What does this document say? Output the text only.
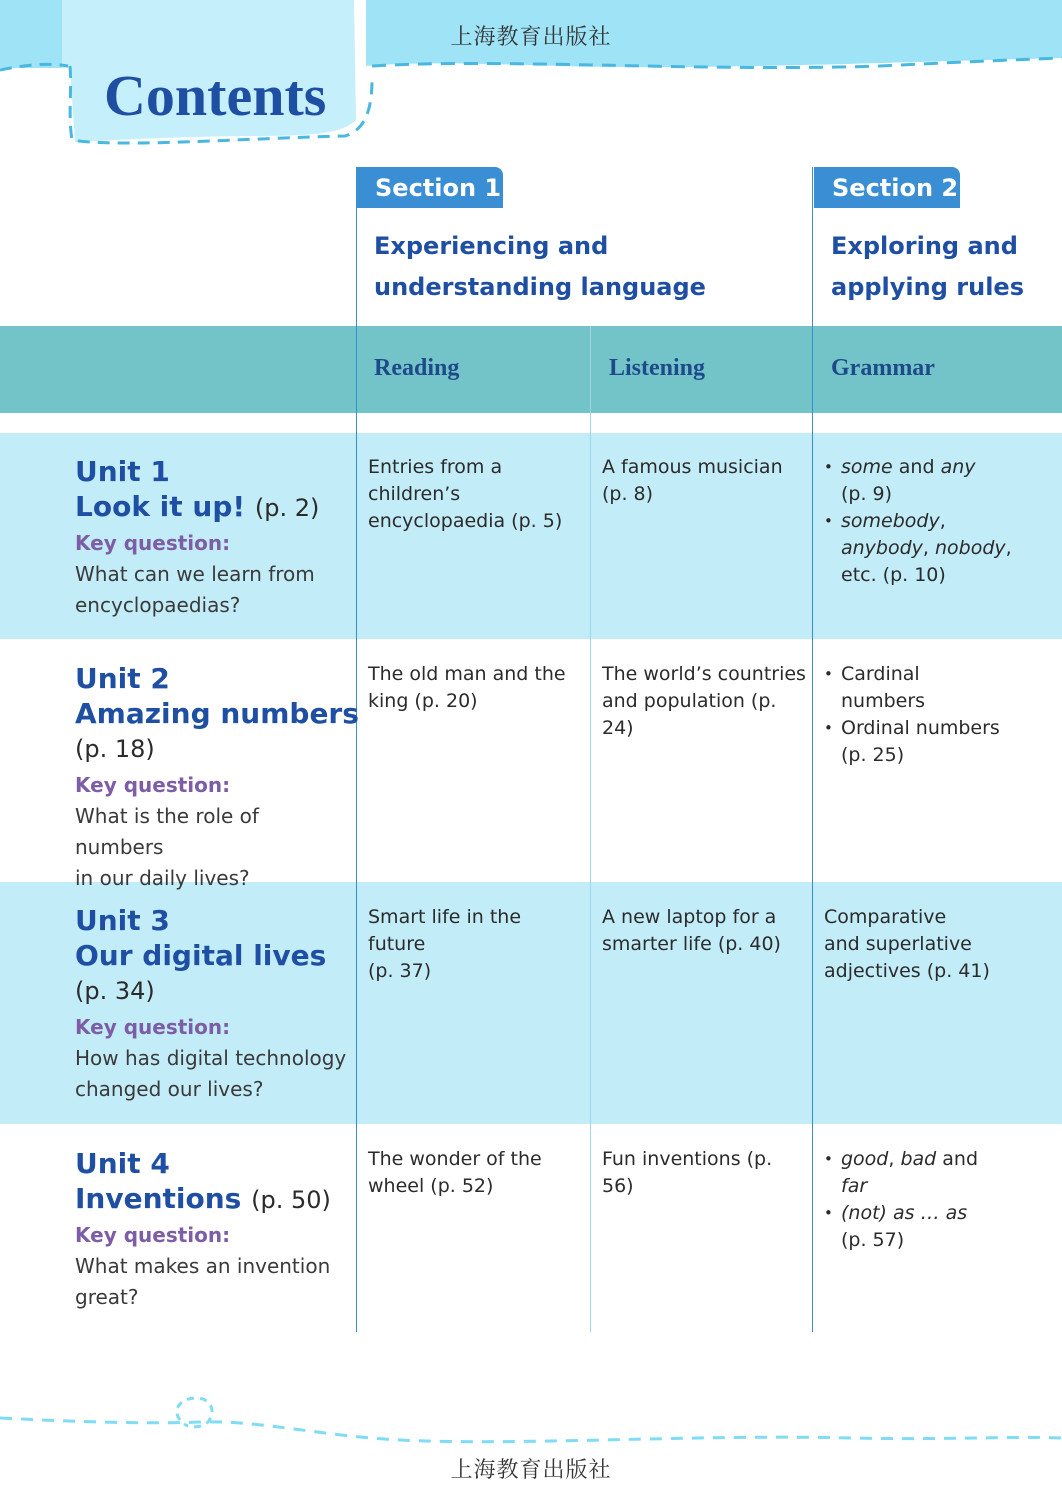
上海教育出版社
Contents
Section 1
Experiencing and
understanding language
Section 2
Exploring and
applying rules
Reading	Listening	Grammar
Unit 1
Look it up! (p. 2)
Key question:
What can we learn from
encyclopaedias?
Entries from a children’s
encyclopaedia (p. 5)
A famous musician
(p. 8)
• some and any
(p. 9)
• somebody,
anybody, nobody,
etc. (p. 10)
Unit 2
Amazing numbers
(p. 18)
Key question:
What is the role of numbers
in our daily lives?
The old man and the
king (p. 20)
The world’s countries
and population (p. 24)
• Cardinal
numbers
• Ordinal numbers
(p. 25)
Unit 3
Our digital lives
(p. 34)
Key question:
How has digital technology
changed our lives?
Smart life in the future
(p. 37)
A new laptop for a
smarter life (p. 40)
Comparative
and superlative
adjectives (p. 41)
Unit 4
Inventions (p. 50)
Key question:
What makes an invention
great?
The wonder of the
wheel (p. 52)
Fun inventions (p. 56)
• good, bad and
far
• (not) as … as
(p. 57)
上海教育出版社
